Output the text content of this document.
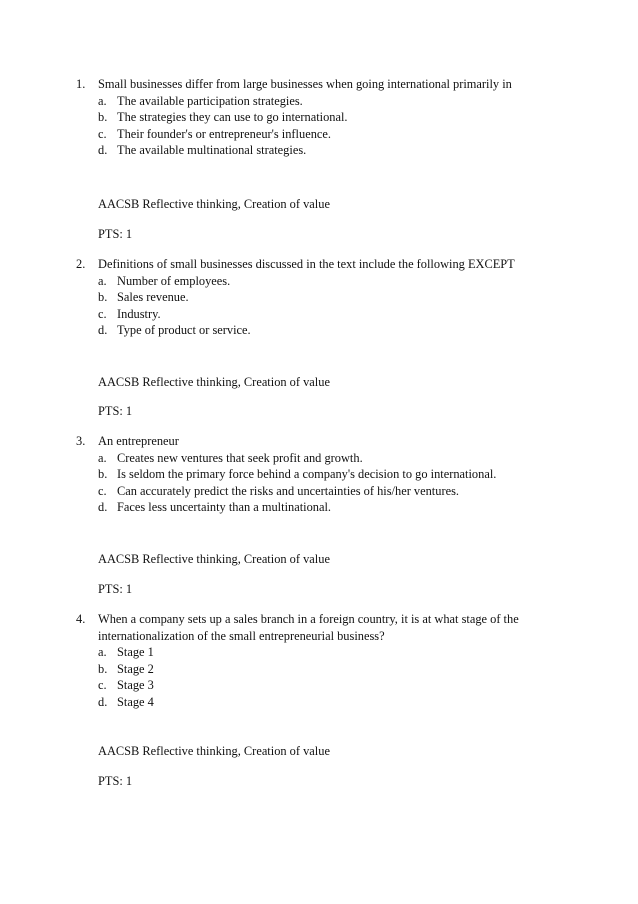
1.	Small businesses differ from large businesses when going international primarily in
a. The available participation strategies.
b. The strategies they can use to go international.
c. Their founder's or entrepreneur's influence.
d. The available multinational strategies.
AACSB Reflective thinking, Creation of value
PTS: 1
2.	Definitions of small businesses discussed in the text include the following EXCEPT
a. Number of employees.
b. Sales revenue.
c. Industry.
d. Type of product or service.
AACSB Reflective thinking, Creation of value
PTS: 1
3.	An entrepreneur
a. Creates new ventures that seek profit and growth.
b. Is seldom the primary force behind a company's decision to go international.
c. Can accurately predict the risks and uncertainties of his/her ventures.
d. Faces less uncertainty than a multinational.
AACSB Reflective thinking, Creation of value
PTS: 1
4.	When a company sets up a sales branch in a foreign country, it is at what stage of the internationalization of the small entrepreneurial business?
a. Stage 1
b. Stage 2
c. Stage 3
d. Stage 4
AACSB Reflective thinking, Creation of value
PTS: 1
